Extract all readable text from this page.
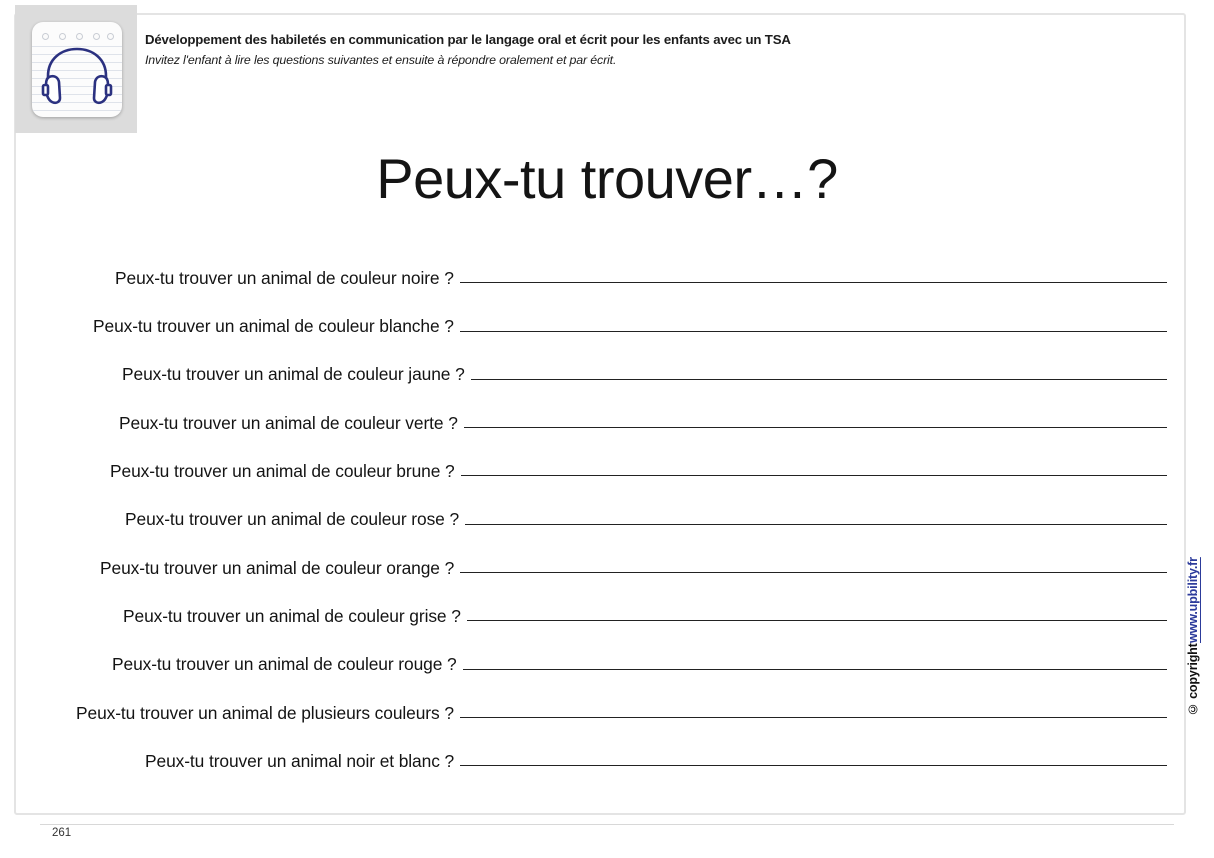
Développement des habiletés en communication par le langage oral et écrit pour les enfants avec un TSA
Invitez l'enfant à lire les questions suivantes et ensuite à répondre oralement et par écrit.
Peux-tu trouver…?
Peux-tu trouver un animal de couleur noire ?
Peux-tu trouver un animal de couleur blanche ?
Peux-tu trouver un animal de couleur jaune ?
Peux-tu trouver un animal de couleur verte ?
Peux-tu trouver un animal de couleur brune ?
Peux-tu trouver un animal de couleur rose ?
Peux-tu trouver un animal de couleur orange ?
Peux-tu trouver un animal de couleur grise ?
Peux-tu trouver un animal de couleur rouge ?
Peux-tu trouver un animal de plusieurs couleurs ?
Peux-tu trouver un animal noir et blanc ?
© copyright
www.upbility.fr
261
